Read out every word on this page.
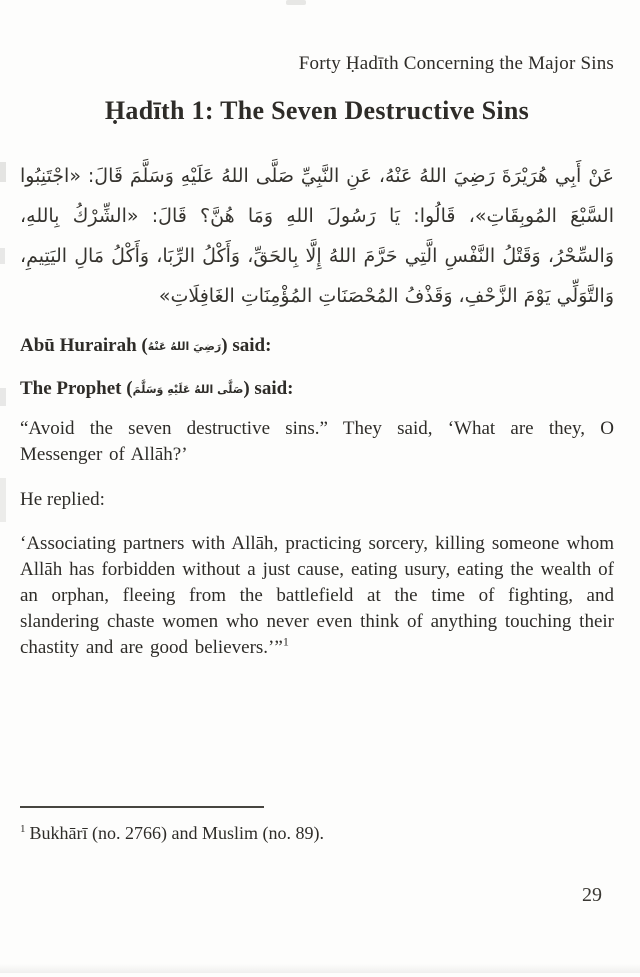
Forty Ḥadīth Concerning the Major Sins
Ḥadīth 1: The Seven Destructive Sins
عَنْ أَبِي هُرَيْرَةَ رَضِيَ اللهُ عَنْهُ، عَنِ النَّبِيِّ صَلَّى اللهُ عَلَيْهِ وَسَلَّمَ قَالَ: «اجْتَنِبُوا السَّبْعَ المُوبِقَاتِ»، قَالُوا: يَا رَسُولَ اللهِ وَمَا هُنَّ؟ قَالَ: «الشِّرْكُ بِاللهِ، وَالسِّحْرُ، وَقَتْلُ النَّفْسِ الَّتِي حَرَّمَ اللهُ إِلَّا بِالحَقِّ، وَأَكْلُ الرِّبَا، وَأَكْلُ مَالِ اليَتِيمِ، وَالتَّوَلِّي يَوْمَ الزَّحْفِ، وَقَذْفُ المُحْصَنَاتِ المُؤْمِنَاتِ الغَافِلَاتِ»
Abū Hurairah (رَضِيَ اللهُ عَنْهُ) said:
The Prophet (صَلَّى اللهُ عَلَيْهِ وَسَلَّمَ) said:

“Avoid the seven destructive sins.” They said, ‘What are they, O Messenger of Allāh?’

He replied:

‘Associating partners with Allāh, practicing sorcery, killing someone whom Allāh has forbidden without a just cause, eating usury, eating the wealth of an orphan, fleeing from the battlefield at the time of fighting, and slandering chaste women who never even think of anything touching their chastity and are good believers.’”$^1$

$^1$ Bukhārī (no. 2766) and Muslim (no. 89).
29
